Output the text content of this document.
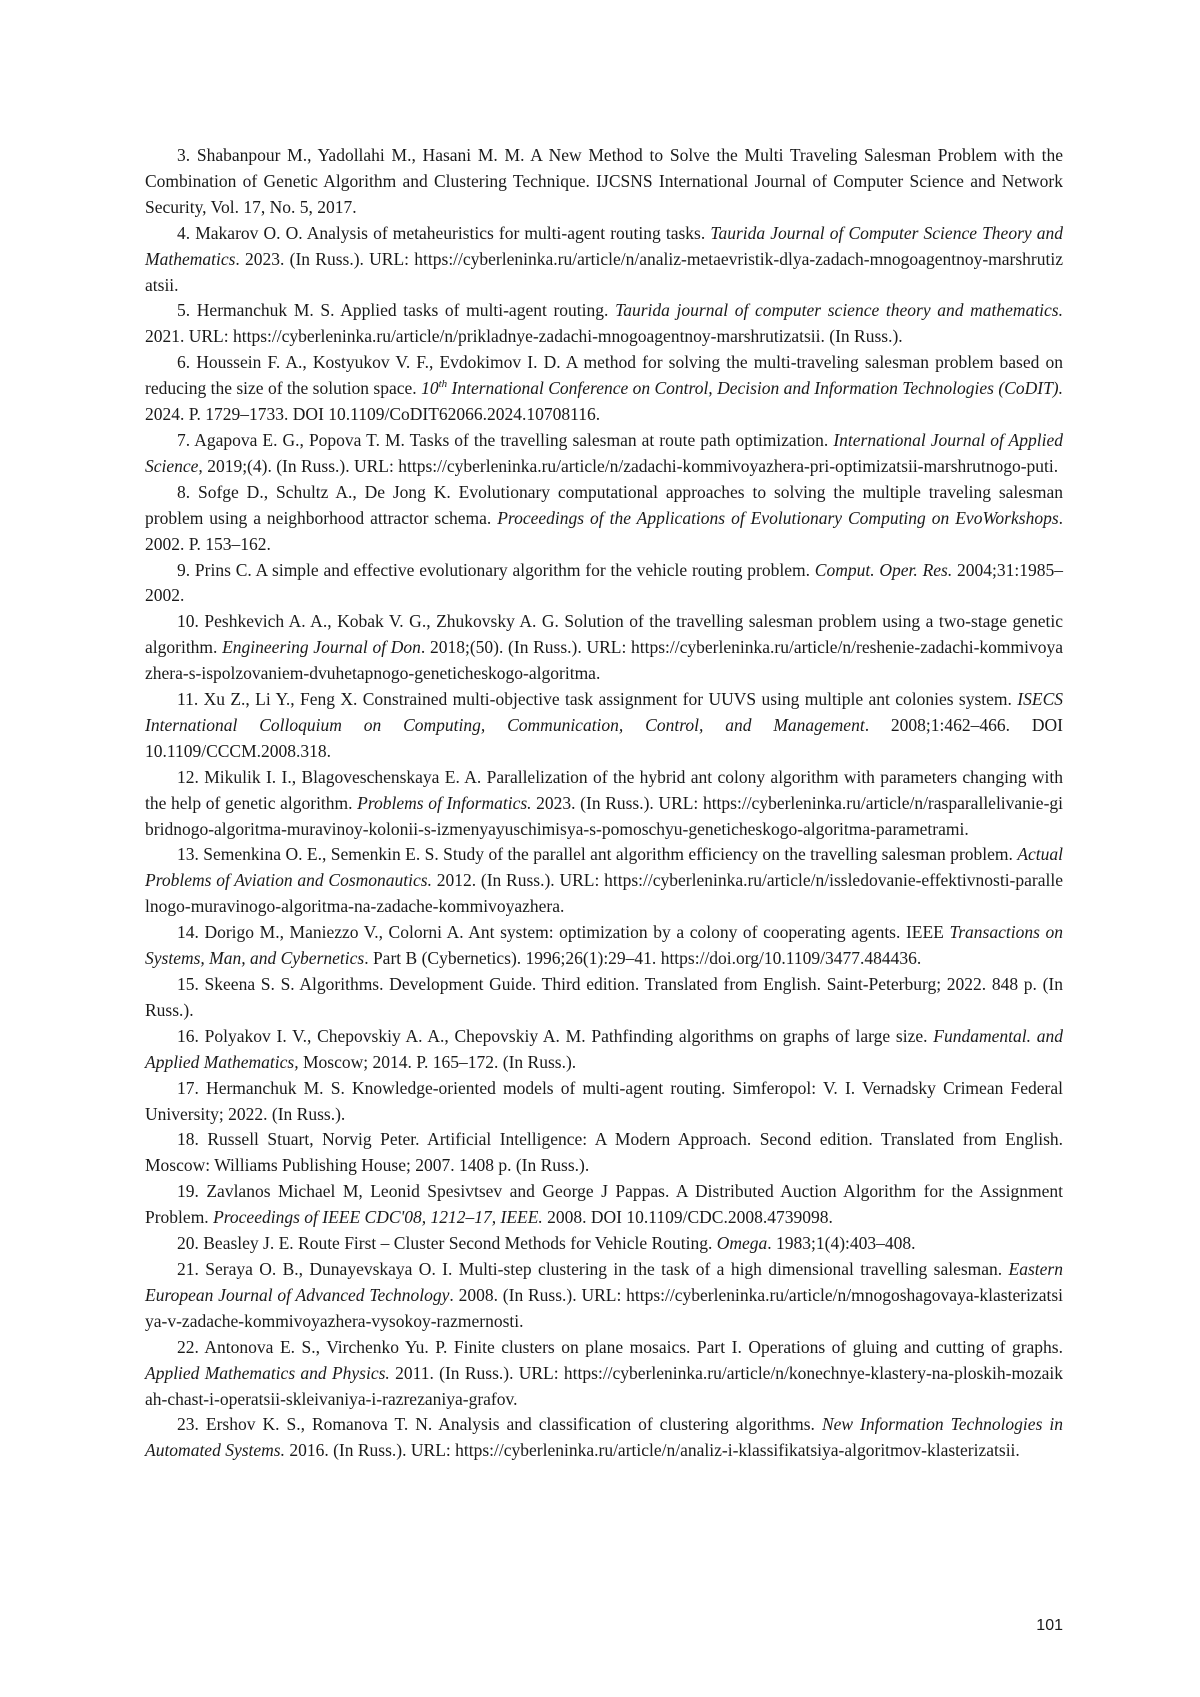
3. Shabanpour M., Yadollahi M., Hasani M. M. A New Method to Solve the Multi Traveling Salesman Problem with the Combination of Genetic Algorithm and Clustering Technique. IJCSNS International Journal of Computer Science and Network Security, Vol. 17, No. 5, 2017.

4. Makarov O. O. Analysis of metaheuristics for multi-agent routing tasks. Taurida Journal of Computer Science Theory and Mathematics. 2023. (In Russ.). URL: https://cyberleninka.ru/article/n/analiz-metaevristik-dlya-zadach-mnogoagentnoy-marshrutizatsii.

5. Hermanchuk M. S. Applied tasks of multi-agent routing. Taurida journal of computer science theory and mathematics. 2021. URL: https://cyberleninka.ru/article/n/prikladnye-zadachi-mnogoagentnoy-marshrutizatsii. (In Russ.).

6. Houssein F. A., Kostyukov V. F., Evdokimov I. D. A method for solving the multi-traveling salesman problem based on reducing the size of the solution space. 10th International Conference on Control, Decision and Information Technologies (CoDIT). 2024. P. 1729–1733. DOI 10.1109/CoDIT62066.2024.10708116.

7. Agapova E. G., Popova T. M. Tasks of the travelling salesman at route path optimization. International Journal of Applied Science, 2019;(4). (In Russ.). URL: https://cyberleninka.ru/article/n/zadachi-kommivoyazhera-pri-optimizatsii-marshrutnogo-puti.

8. Sofge D., Schultz A., De Jong K. Evolutionary computational approaches to solving the multiple traveling salesman problem using a neighborhood attractor schema. Proceedings of the Applications of Evolutionary Computing on EvoWorkshops. 2002. P. 153–162.

9. Prins C. A simple and effective evolutionary algorithm for the vehicle routing problem. Comput. Oper. Res. 2004;31:1985–2002.

10. Peshkevich A. A., Kobak V. G., Zhukovsky A. G. Solution of the travelling salesman problem using a two-stage genetic algorithm. Engineering Journal of Don. 2018;(50). (In Russ.). URL: https://cyberleninka.ru/article/n/reshenie-zadachi-kommivoyazhera-s-ispolzovaniem-dvuhetapnogo-geneticheskogo-algoritma.

11. Xu Z., Li Y., Feng X. Constrained multi-objective task assignment for UUVS using multiple ant colonies system. ISECS International Colloquium on Computing, Communication, Control, and Management. 2008;1:462–466. DOI 10.1109/CCCM.2008.318.

12. Mikulik I. I., Blagoveschenskaya E. A. Parallelization of the hybrid ant colony algorithm with parameters changing with the help of genetic algorithm. Problems of Informatics. 2023. (In Russ.). URL: https://cyberleninka.ru/article/n/rasparallelivanie-gibridnogo-algoritma-muravinoy-kolonii-s-izmenyayuschimisya-s-pomoschyu-geneticheskogo-algoritma-parametrami.

13. Semenkina O. E., Semenkin E. S. Study of the parallel ant algorithm efficiency on the travelling salesman problem. Actual Problems of Aviation and Cosmonautics. 2012. (In Russ.). URL: https://cyberleninka.ru/article/n/issledovanie-effektivnosti-parallelnogo-muravinogo-algoritma-na-zadache-kommivoyazhera.

14. Dorigo M., Maniezzo V., Colorni A. Ant system: optimization by a colony of cooperating agents. IEEE Transactions on Systems, Man, and Cybernetics. Part B (Cybernetics). 1996;26(1):29–41. https://doi.org/10.1109/3477.484436.

15. Skeena S. S. Algorithms. Development Guide. Third edition. Translated from English. Saint-Peterburg; 2022. 848 p. (In Russ.).

16. Polyakov I. V., Chepovskiy A. A., Chepovskiy A. M. Pathfinding algorithms on graphs of large size. Fundamental. and Applied Mathematics, Moscow; 2014. P. 165–172. (In Russ.).

17. Hermanchuk M. S. Knowledge-oriented models of multi-agent routing. Simferopol: V. I. Vernadsky Crimean Federal University; 2022. (In Russ.).

18. Russell Stuart, Norvig Peter. Artificial Intelligence: A Modern Approach. Second edition. Translated from English. Moscow: Williams Publishing House; 2007. 1408 p. (In Russ.).

19. Zavlanos Michael M, Leonid Spesivtsev and George J Pappas. A Distributed Auction Algorithm for the Assignment Problem. Proceedings of IEEE CDC'08, 1212–17, IEEE. 2008. DOI 10.1109/CDC.2008.4739098.

20. Beasley J. E. Route First – Cluster Second Methods for Vehicle Routing. Omega. 1983;1(4):403–408.

21. Seraya O. B., Dunayevskaya O. I. Multi-step clustering in the task of a high dimensional travelling salesman. Eastern European Journal of Advanced Technology. 2008. (In Russ.). URL: https://cyberleninka.ru/article/n/mnogoshagovaya-klasterizatsiya-v-zadache-kommivoyazhera-vysokoy-razmernosti.

22. Antonova E. S., Virchenko Yu. P. Finite clusters on plane mosaics. Part I. Operations of gluing and cutting of graphs. Applied Mathematics and Physics. 2011. (In Russ.). URL: https://cyberleninka.ru/article/n/konechnye-klastery-na-ploskih-mozaikah-chast-i-operatsii-skleivaniya-i-razrezaniya-grafov.

23. Ershov K. S., Romanova T. N. Analysis and classification of clustering algorithms. New Information Technologies in Automated Systems. 2016. (In Russ.). URL: https://cyberleninka.ru/article/n/analiz-i-klassifikatsiya-algoritmov-klasterizatsii.

101
